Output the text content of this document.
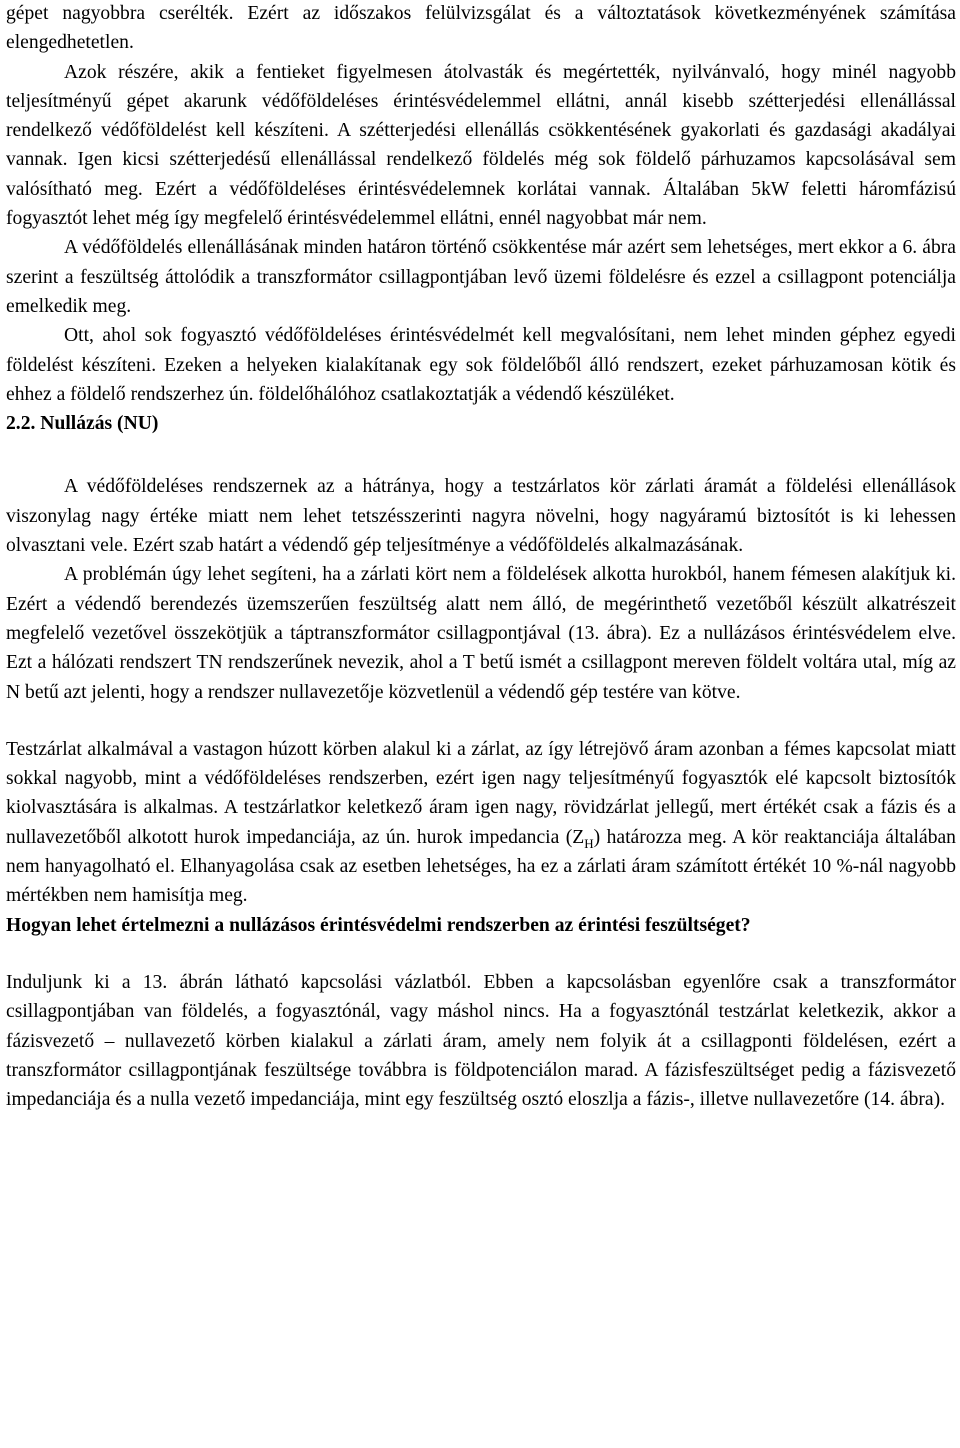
gépet nagyobbra cserélték. Ezért az időszakos felülvizsgálat és a változtatások következményének számítása elengedhetetlen.

Azok részére, akik a fentieket figyelmesen átolvasták és megértették, nyilvánvaló, hogy minél nagyobb teljesítményű gépet akarunk védőföldeléses érintésvédelemmel ellátni, annál kisebb szétterjedési ellenállással rendelkező védőföldelést kell készíteni. A szétterjedési ellenállás csökkentésének gyakorlati és gazdasági akadályai vannak. Igen kicsi szétterjedésű ellenállással rendelkező földelés még sok földelő párhuzamos kapcsolásával sem valósítható meg. Ezért a védőföldeléses érintésvédelemnek korlátai vannak. Általában 5kW feletti háromfázisú fogyasztót lehet még így megfelelő érintésvédelemmel ellátni, ennél nagyobbat már nem.

A védőföldelés ellenállásának minden határon történő csökkentése már azért sem lehetséges, mert ekkor a 6. ábra szerint a feszültség áttolódik a transzformátor csillagpontjában levő üzemi földelésre és ezzel a csillagpont potenciálja emelkedik meg.

Ott, ahol sok fogyasztó védőföldeléses érintésvédelmét kell megvalósítani, nem lehet minden géphez egyedi földelést készíteni. Ezeken a helyeken kialakítanak egy sok földelőből álló rendszert, ezeket párhuzamosan kötik és ehhez a földelő rendszerhez ún. földelőhálóhoz csatlakoztatják a védendő készüléket.

2.2. Nullázás (NU)

A védőföldeléses rendszernek az a hátránya, hogy a testzárlatos kör zárlati áramát a földelési ellenállások viszonylag nagy értéke miatt nem lehet tetszésszerinti nagyra növelni, hogy nagyáramú biztosítót is ki lehessen olvasztani vele. Ezért szab határt a védendő gép teljesítménye a védőföldelés alkalmazásának.

A problémán úgy lehet segíteni, ha a zárlati kört nem a földelések alkotta hurokból, hanem fémesen alakítjuk ki. Ezért a védendő berendezés üzemszerűen feszültség alatt nem álló, de megérinthető vezetőből készült alkatrészeit megfelelő vezetővel összekötjük a táptranszformátor csillagpontjával (13. ábra). Ez a nullázásos érintésvédelem elve. Ezt a hálózati rendszert TN rendszerűnek nevezik, ahol a T betű ismét a csillagpont mereven földelt voltára utal, míg az N betű azt jelenti, hogy a rendszer nullavezetője közvetlenül a védendő gép testére van kötve.

Testzárlat alkalmával a vastagon húzott körben alakul ki a zárlat, az így létrejövő áram azonban a fémes kapcsolat miatt sokkal nagyobb, mint a védőföldeléses rendszerben, ezért igen nagy teljesítményű fogyasztók elé kapcsolt biztosítók kiolvasztására is alkalmas. A testzárlatkor keletkező áram igen nagy, rövidzárlat jellegű, mert értékét csak a fázis és a nullavezetőből alkotott hurok impedanciája, az ún. hurok impedancia $(Z_H)$ határozza meg. A kör reaktanciája általában nem hanyagolható el. Elhanyagolása csak az esetben lehetséges, ha ez a zárlati áram számított értékét 10 %-nál nagyobb mértékben nem hamisítja meg.

Hogyan lehet értelmezni a nullázásos érintésvédelmi rendszerben az érintési feszültséget?

Induljunk ki a 13. ábrán látható kapcsolási vázlatból. Ebben a kapcsolásban egyenlőre csak a transzformátor csillagpontjában van földelés, a fogyasztónál, vagy máshol nincs. Ha a fogyasztónál testzárlat keletkezik, akkor a fázisvezető – nullavezető körben kialakul a zárlati áram, amely nem folyik át a csillagponti földelésen, ezért a transzformátor csillagpontjának feszültsége továbbra is földpotenciálon marad. A fázisfeszültséget pedig a fázisvezető impedanciája és a nulla vezető impedanciája, mint egy feszültség osztó eloszlja a fázis-, illetve nullavezetőre (14. ábra).
